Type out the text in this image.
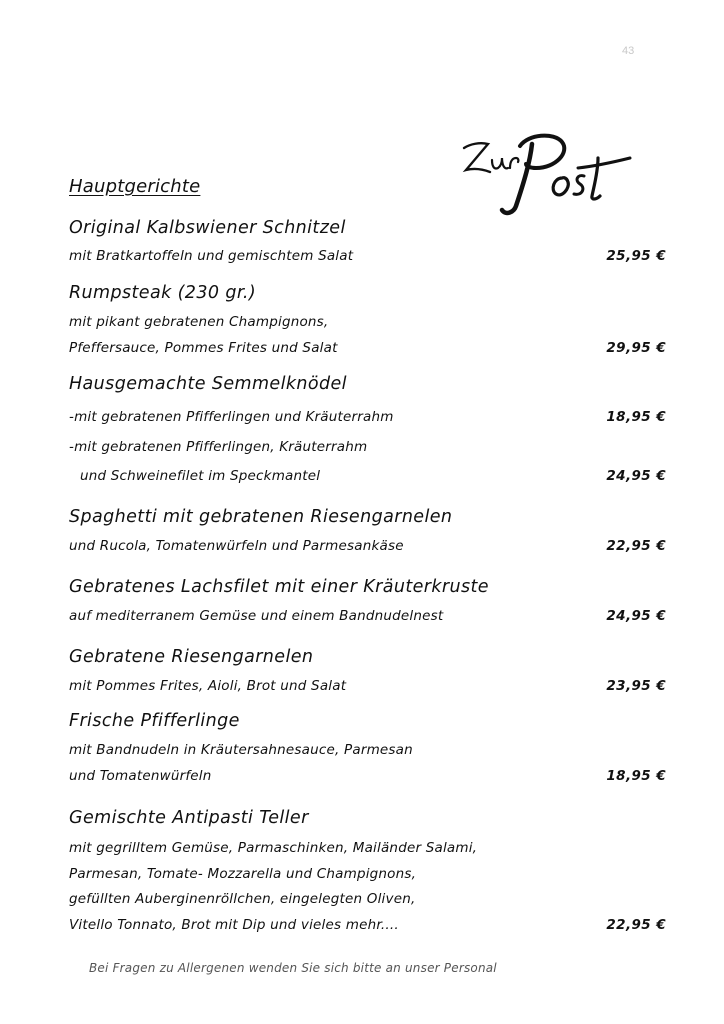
43
Hauptgerichte
Original Kalbswiener Schnitzel
mit Bratkartoffeln und gemischtem Salat	25,95 €
Rumpsteak (230 gr.)
mit pikant gebratenen Champignons,
Pfeffersauce, Pommes Frites und Salat	29,95 €
Hausgemachte Semmelknödel
-mit gebratenen Pfifferlingen und Kräuterrahm	18,95 €
-mit gebratenen Pfifferlingen, Kräuterrahm
und Schweinefilet im Speckmantel	24,95 €
Spaghetti mit gebratenen Riesengarnelen
und Rucola, Tomatenwürfeln und Parmesankäse	22,95 €
Gebratenes Lachsfilet mit einer Kräuterkruste
auf mediterranem Gemüse und einem Bandnudelnest	24,95 €
Gebratene Riesengarnelen
mit Pommes Frites, Aioli, Brot und Salat	23,95 €
Frische Pfifferlinge
mit Bandnudeln in Kräutersahnesauce, Parmesan
und Tomatenwürfeln	18,95 €
Gemischte Antipasti Teller
mit gegrilltem Gemüse, Parmaschinken, Mailänder Salami,
Parmesan, Tomate- Mozzarella und Champignons,
gefüllten Auberginenröllchen, eingelegten Oliven,
Vitello Tonnato, Brot mit Dip und vieles mehr....	22,95 €
Bei Fragen zu Allergenen wenden Sie sich bitte an unser Personal
